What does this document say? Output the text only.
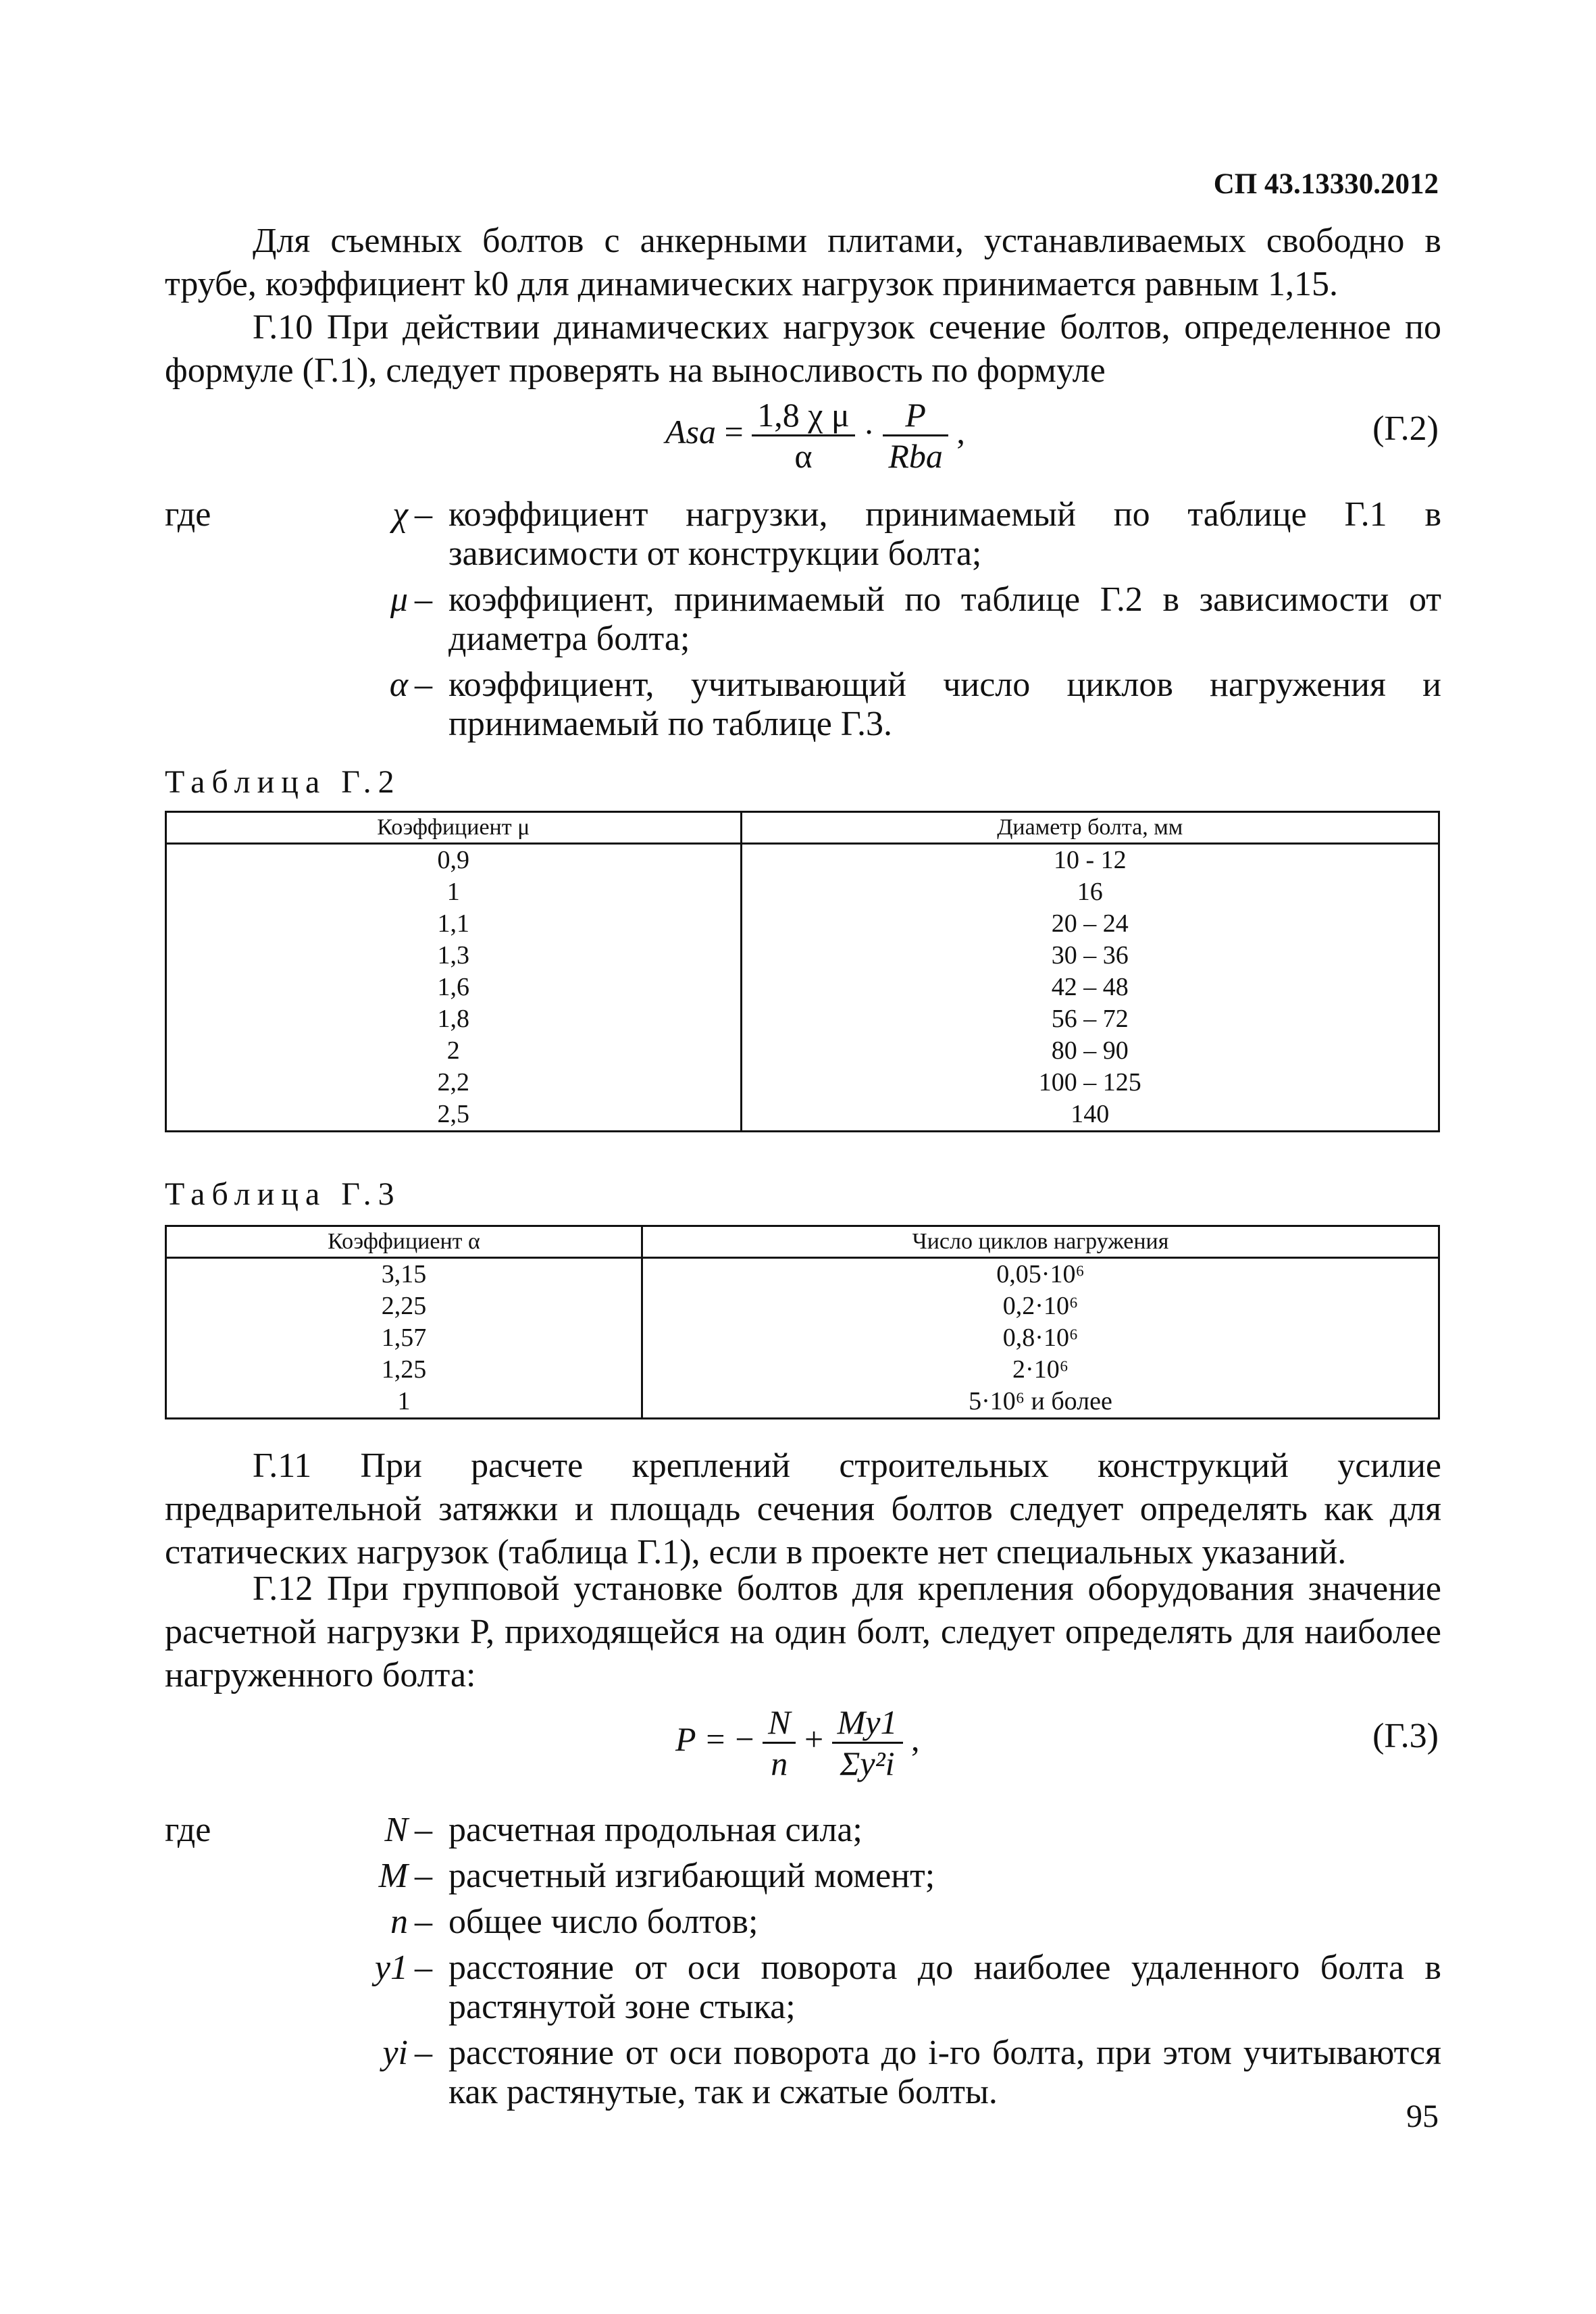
СП 43.13330.2012
Для съемных болтов с анкерными плитами, устанавливаемых свободно в трубе, коэффициент k0 для динамических нагрузок принимается равным 1,15.
Г.10 При действии динамических нагрузок сечение болтов, определенное по формуле (Г.1), следует проверять на выносливость по формуле
Asa = $\frac{\text{1,8 χ μ}}{\alpha} \cdot \frac{P}{\text{Rba}}$ ,	(Г.2)
где	χ – коэффициент нагрузки, принимаемый по таблице Г.1 в зависимости от конструкции болта;
μ – коэффициент, принимаемый по таблице Г.2 в зависимости от диаметра болта;
α – коэффициент, учитывающий число циклов нагружения и принимаемый по таблице Г.3.
Таблица Г.2
Коэффициент μ	Диаметр болта, мм
0,9	10 - 12
1	16
1,1	20 – 24
1,3	30 – 36
1,6	42 – 48
1,8	56 – 72
2	80 – 90
2,2	100 – 125
2,5	140
Таблица Г.3
Коэффициент α	Число циклов нагружения
3,15	0,05·10⁶
2,25	0,2·10⁶
1,57	0,8·10⁶
1,25	2·10⁶
1	5·10⁶ и более
Г.11 При расчете креплений строительных конструкций усилие предварительной затяжки и площадь сечения болтов следует определять как для статических нагрузок (таблица Г.1), если в проекте нет специальных указаний.
Г.12 При групповой установке болтов для крепления оборудования значение расчетной нагрузки P, приходящейся на один болт, следует определять для наиболее нагруженного болта:
P = − $\frac{N}{n} + \frac{My1}{\text{Σy²i}}$ ,	(Г.3)
где	N – расчетная продольная сила;
M – расчетный изгибающий момент;
n – общее число болтов;
y1 – расстояние от оси поворота до наиболее удаленного болта в растянутой зоне стыка;
yi – расстояние от оси поворота до i-го болта, при этом учитываются как растянутые, так и сжатые болты.
95
